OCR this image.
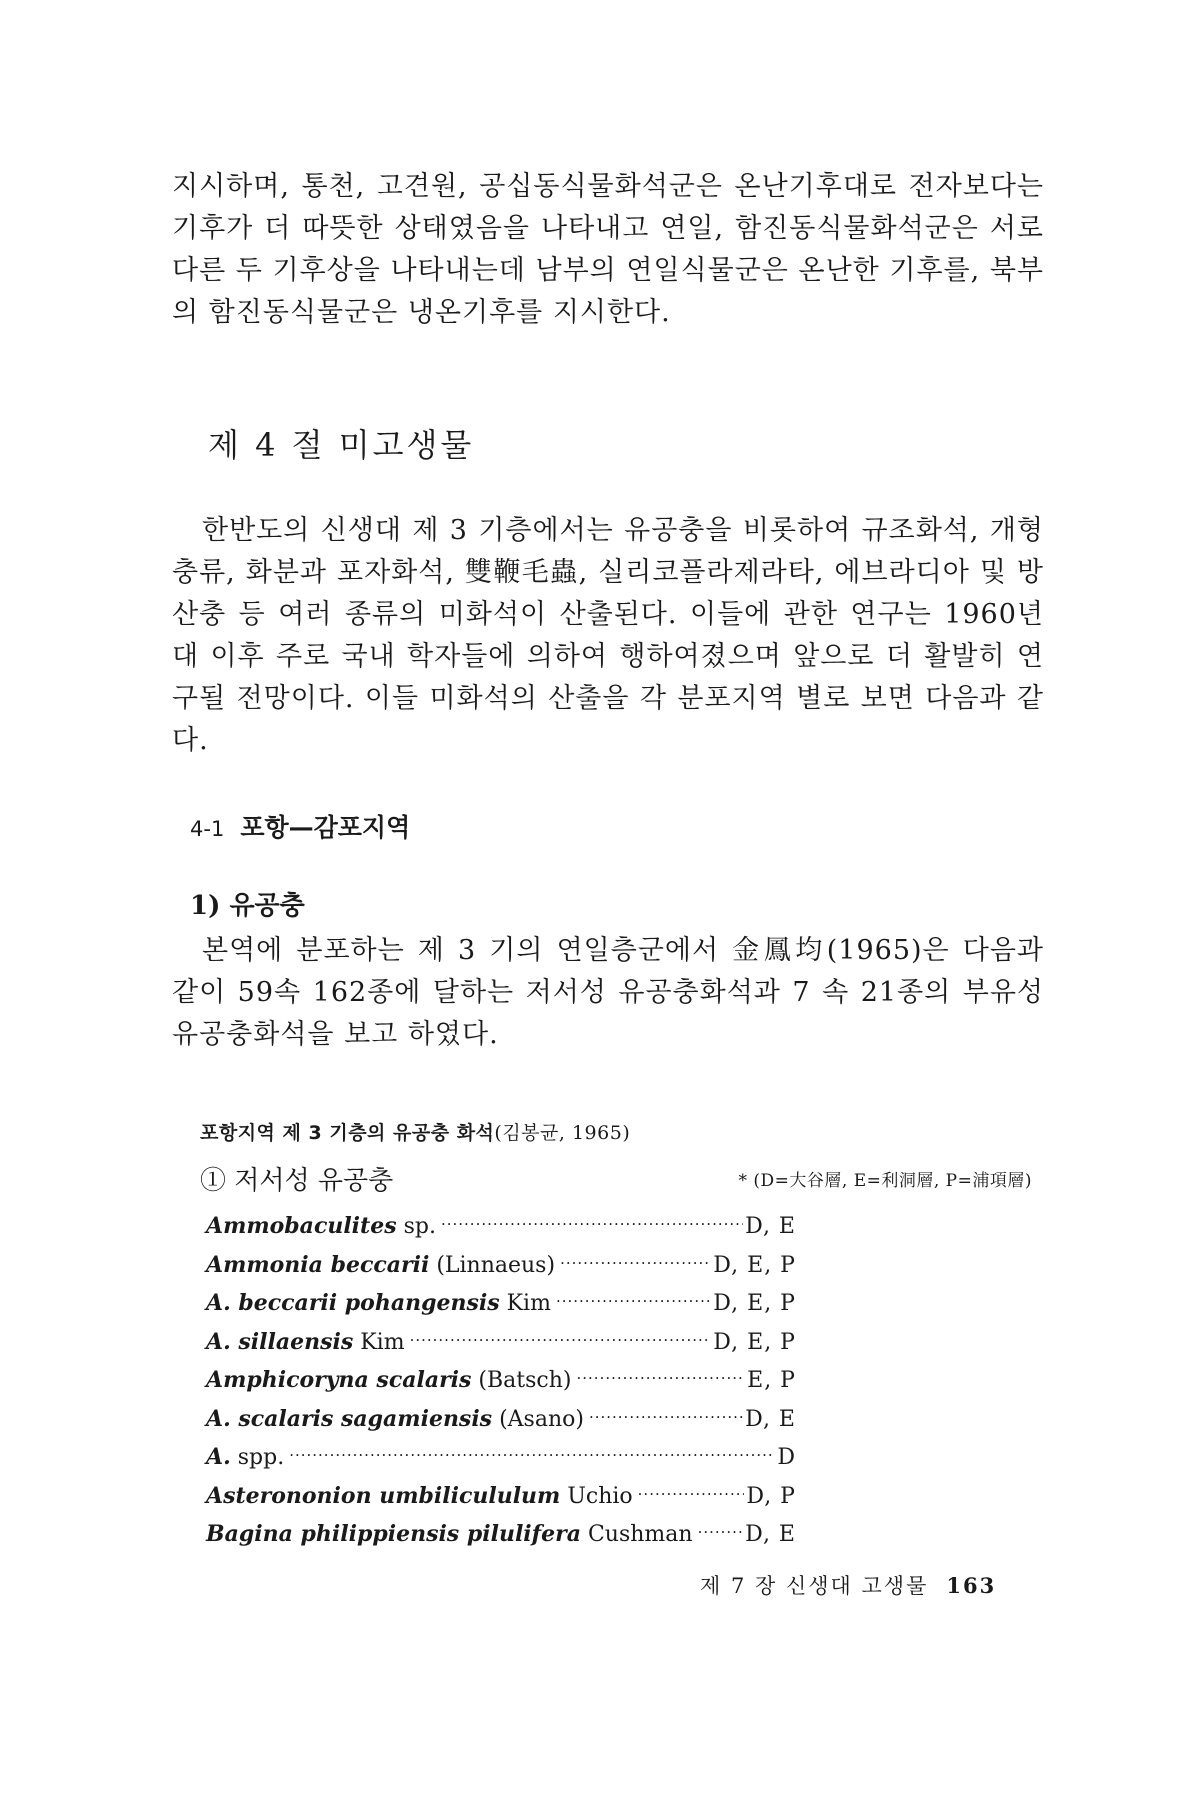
지시하며, 통천, 고견원, 공십동식물화석군은 온난기후대로 전자보다는 기후가 더 따뜻한 상태였음을 나타내고 연일, 함진동식물화석군은 서로 다른 두 기후상을 나타내는데 남부의 연일식물군은 온난한 기후를, 북부의 함진동식물군은 냉온기후를 지시한다.

제 4 절 미고생물

한반도의 신생대 제 3 기층에서는 유공충을 비롯하여 규조화석, 개형충류, 화분과 포자화석, 雙鞭毛蟲, 실리코플라제라타, 에브라디아 및 방산충 등 여러 종류의 미화석이 산출된다. 이들에 관한 연구는 1960년대 이후 주로 국내 학자들에 의하여 행하여졌으며 앞으로 더 활발히 연구될 전망이다. 이들 미화석의 산출을 각 분포지역 별로 보면 다음과 같다.

4-1 포항—감포지역
1) 유공충

본역에 분포하는 제 3 기의 연일층군에서 金鳳均(1965)은 다음과 같이 59속 162종에 달하는 저서성 유공충화석과 7 속 21종의 부유성 유공충화석을 보고 하였다.

포항지역 제 3 기층의 유공충 화석(김봉균, 1965)
① 저서성 유공충	* (D=大谷層, E=利洞層, P=浦項層)
Ammobaculites sp. ·····	D, E
Ammonia beccarii (Linnaeus) ·····	D, E, P
A. beccarii pohangensis Kim ·····	D, E, P
A. sillaensis Kim ·····	D, E, P
Amphicoryna scalaris (Batsch) ·····	E, P
A. scalaris sagamiensis (Asano) ·····	D, E
A. spp. ·····	D
Asterononion umbilicululum Uchio ·····	D, P
Bagina philippiensis pilulifera Cushman ····· D, E
제 7 장 신생대 고생물 163
